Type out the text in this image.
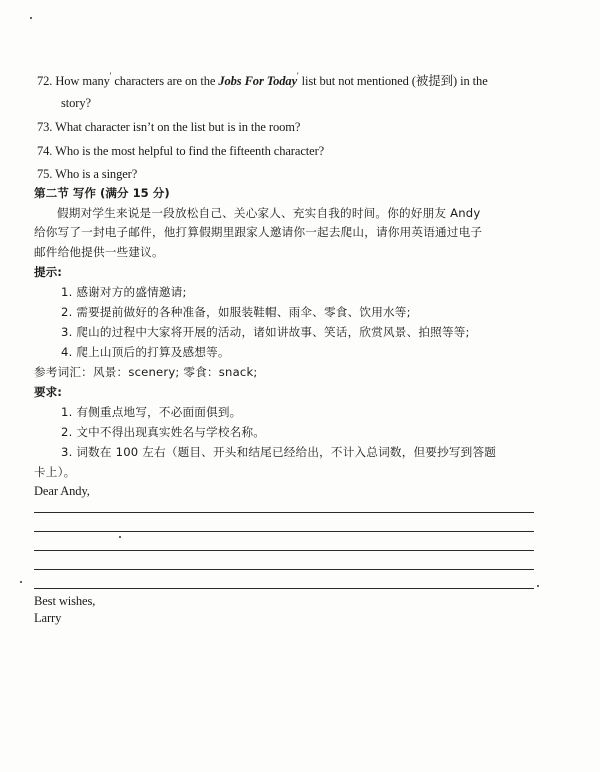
72. How many' characters are on the Jobs For Today' list but not mentioned (被提到) in the
story?
73. What character isn’t on the list but is in the room?
74. Who is the most helpful to find the fifteenth character?
75. Who is a singer?
第二节 写作 (满分 15 分)
假期对学生来说是一段放松自己、关心家人、充实自我的时间。你的好朋友 Andy
给你写了一封电子邮件，他打算假期里跟家人邀请你一起去爬山，请你用英语通过电子
邮件给他提供一些建议。
提示:
1. 感谢对方的盛情邀请;
2. 需要提前做好的各种准备，如服装鞋帽、雨伞、零食、饮用水等;
3. 爬山的过程中大家将开展的活动，诸如讲故事、笑话，欣赏风景、拍照等等;
4. 爬上山顶后的打算及感想等。
参考词汇：风景：scenery; 零食：snack;
要求:
1. 有侧重点地写，不必面面俱到。
2. 文中不得出现真实姓名与学校名称。
3. 词数在 100 左右（题目、开头和结尾已经给出，不计入总词数，但要抄写到答题
卡上）。
Dear Andy,
Best wishes,
Larry
